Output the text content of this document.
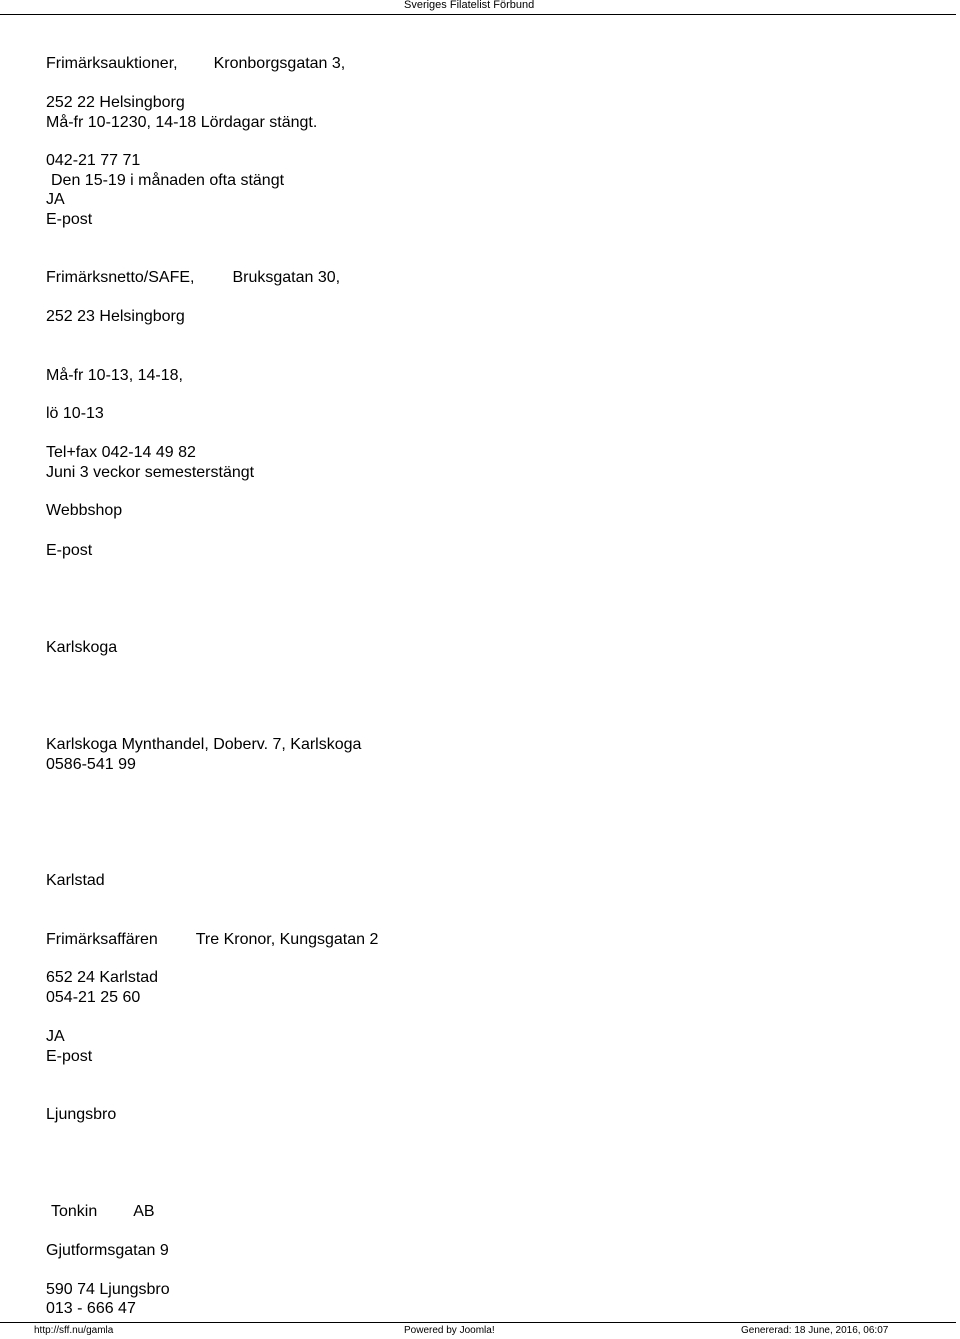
Sveriges Filatelist Förbund
Frimärksauktioner, Kronborgsgatan 3,
252 22 Helsingborg
Må-fr 10-1230, 14-18 Lördagar stängt.
042-21 77 71
Den 15-19 i månaden ofta stängt
JA
E-post
Frimärksnetto/SAFE, Bruksgatan 30,
252 23 Helsingborg
Må-fr 10-13, 14-18,
lö 10-13
Tel+fax 042-14 49 82
Juni 3 veckor semesterstängt
Webbshop
E-post
Karlskoga
Karlskoga Mynthandel, Doberv. 7, Karlskoga
0586-541 99
Karlstad
Frimärksaffären Tre Kronor, Kungsgatan 2
652 24 Karlstad
054-21 25 60
JA
E-post
Ljungsbro
Tonkin AB
Gjutformsgatan 9
590 74 Ljungsbro
013 - 666 47
http://sff.nu/gamla	Powered by Joomla!	Genererad: 18 June, 2016, 06:07
